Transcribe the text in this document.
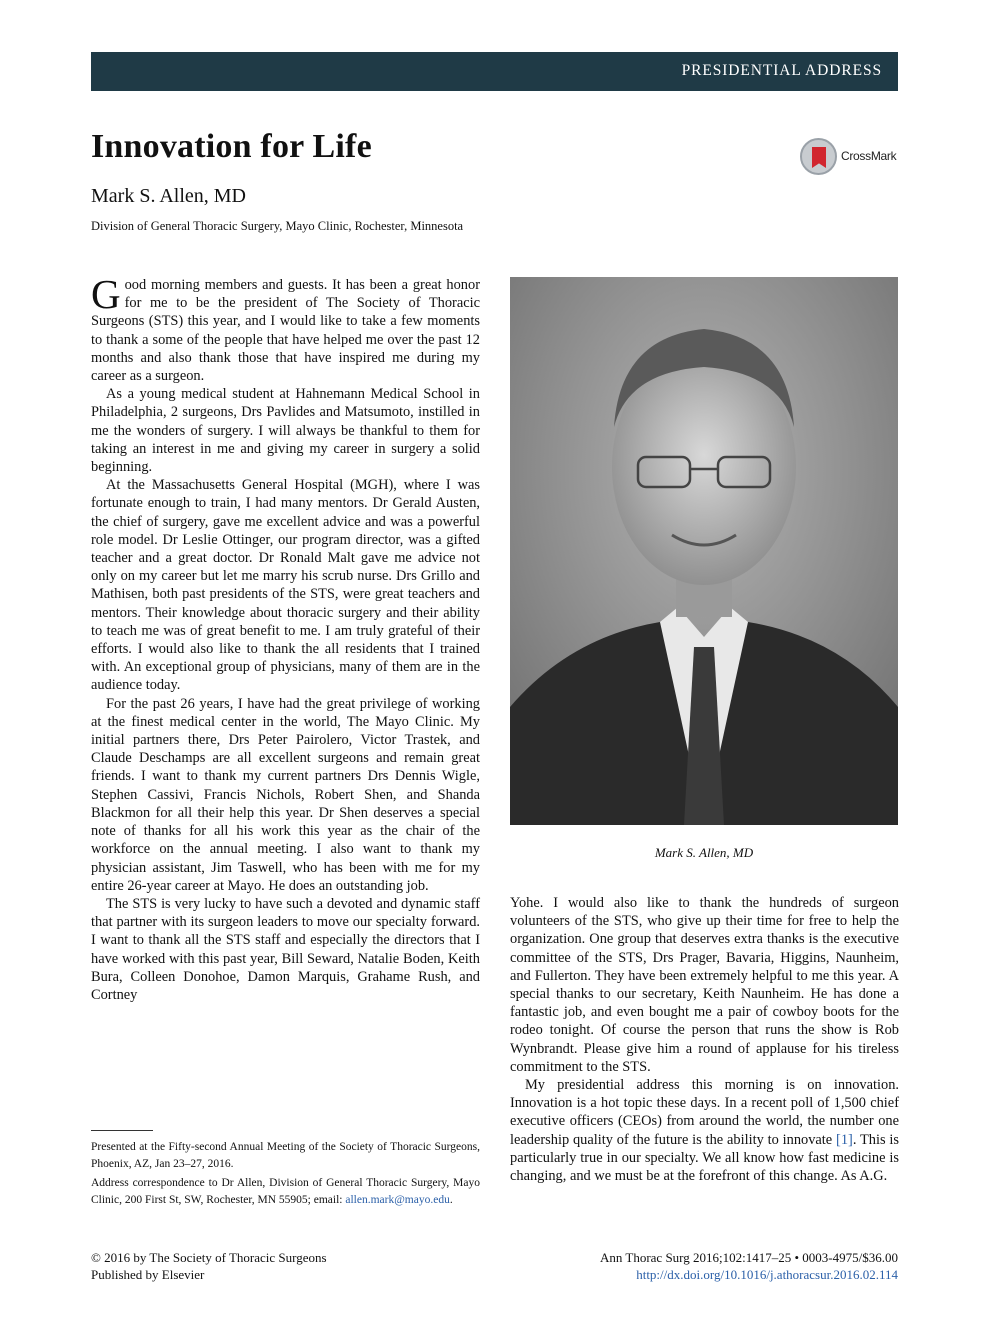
PRESIDENTIAL ADDRESS
Innovation for Life	CrossMark
Mark S. Allen, MD
Division of General Thoracic Surgery, Mayo Clinic, Rochester, Minnesota

Good morning members and guests. It has been a great honor for me to be the president of The Society of Thoracic Surgeons (STS) this year, and I would like to take a few moments to thank a some of the people that have helped me over the past 12 months and also thank those that have inspired me during my career as a surgeon.

As a young medical student at Hahnemann Medical School in Philadelphia, 2 surgeons, Drs Pavlides and Matsumoto, instilled in me the wonders of surgery. I will always be thankful to them for taking an interest in me and giving my career in surgery a solid beginning.

At the Massachusetts General Hospital (MGH), where I was fortunate enough to train, I had many mentors. Dr Gerald Austen, the chief of surgery, gave me excellent advice and was a powerful role model. Dr Leslie Ottinger, our program director, was a gifted teacher and a great doctor. Dr Ronald Malt gave me advice not only on my career but let me marry his scrub nurse. Drs Grillo and Mathisen, both past presidents of the STS, were great teachers and mentors. Their knowledge about thoracic surgery and their ability to teach me was of great benefit to me. I am truly grateful of their efforts. I would also like to thank the all residents that I trained with. An exceptional group of physicians, many of them are in the audience today.

For the past 26 years, I have had the great privilege of working at the finest medical center in the world, The Mayo Clinic. My initial partners there, Drs Peter Pairolero, Victor Trastek, and Claude Deschamps are all excellent surgeons and remain great friends. I want to thank my current partners Drs Dennis Wigle, Stephen Cassivi, Francis Nichols, Robert Shen, and Shanda Blackmon for all their help this year. Dr Shen deserves a special note of thanks for all his work this year as the chair of the workforce on the annual meeting. I also want to thank my physician assistant, Jim Taswell, who has been with me for my entire 26-year career at Mayo. He does an outstanding job.

The STS is very lucky to have such a devoted and dynamic staff that partner with its surgeon leaders to move our specialty forward. I want to thank all the STS staff and especially the directors that I have worked with this past year, Bill Seward, Natalie Boden, Keith Bura, Colleen Donohoe, Damon Marquis, Grahame Rush, and Cortney

Mark S. Allen, MD

Yohe. I would also like to thank the hundreds of surgeon volunteers of the STS, who give up their time for free to help the organization. One group that deserves extra thanks is the executive committee of the STS, Drs Prager, Bavaria, Higgins, Naunheim, and Fullerton. They have been extremely helpful to me this year. A special thanks to our secretary, Keith Naunheim. He has done a fantastic job, and even bought me a pair of cowboy boots for the rodeo tonight. Of course the person that runs the show is Rob Wynbrandt. Please give him a round of applause for his tireless commitment to the STS.

My presidential address this morning is on innovation. Innovation is a hot topic these days. In a recent poll of 1,500 chief executive officers (CEOs) from around the world, the number one leadership quality of the future is the ability to innovate [1]. This is particularly true in our specialty. We all know how fast medicine is changing, and we must be at the forefront of this change. As A.G.

Presented at the Fifty-second Annual Meeting of the Society of Thoracic Surgeons, Phoenix, AZ, Jan 23–27, 2016.
Address correspondence to Dr Allen, Division of General Thoracic Surgery, Mayo Clinic, 200 First St, SW, Rochester, MN 55905; email: allen.mark@mayo.edu.
© 2016 by The Society of Thoracic Surgeons
Published by Elsevier
Ann Thorac Surg 2016;102:1417–25 • 0003-4975/$36.00
http://dx.doi.org/10.1016/j.athoracsur.2016.02.114
